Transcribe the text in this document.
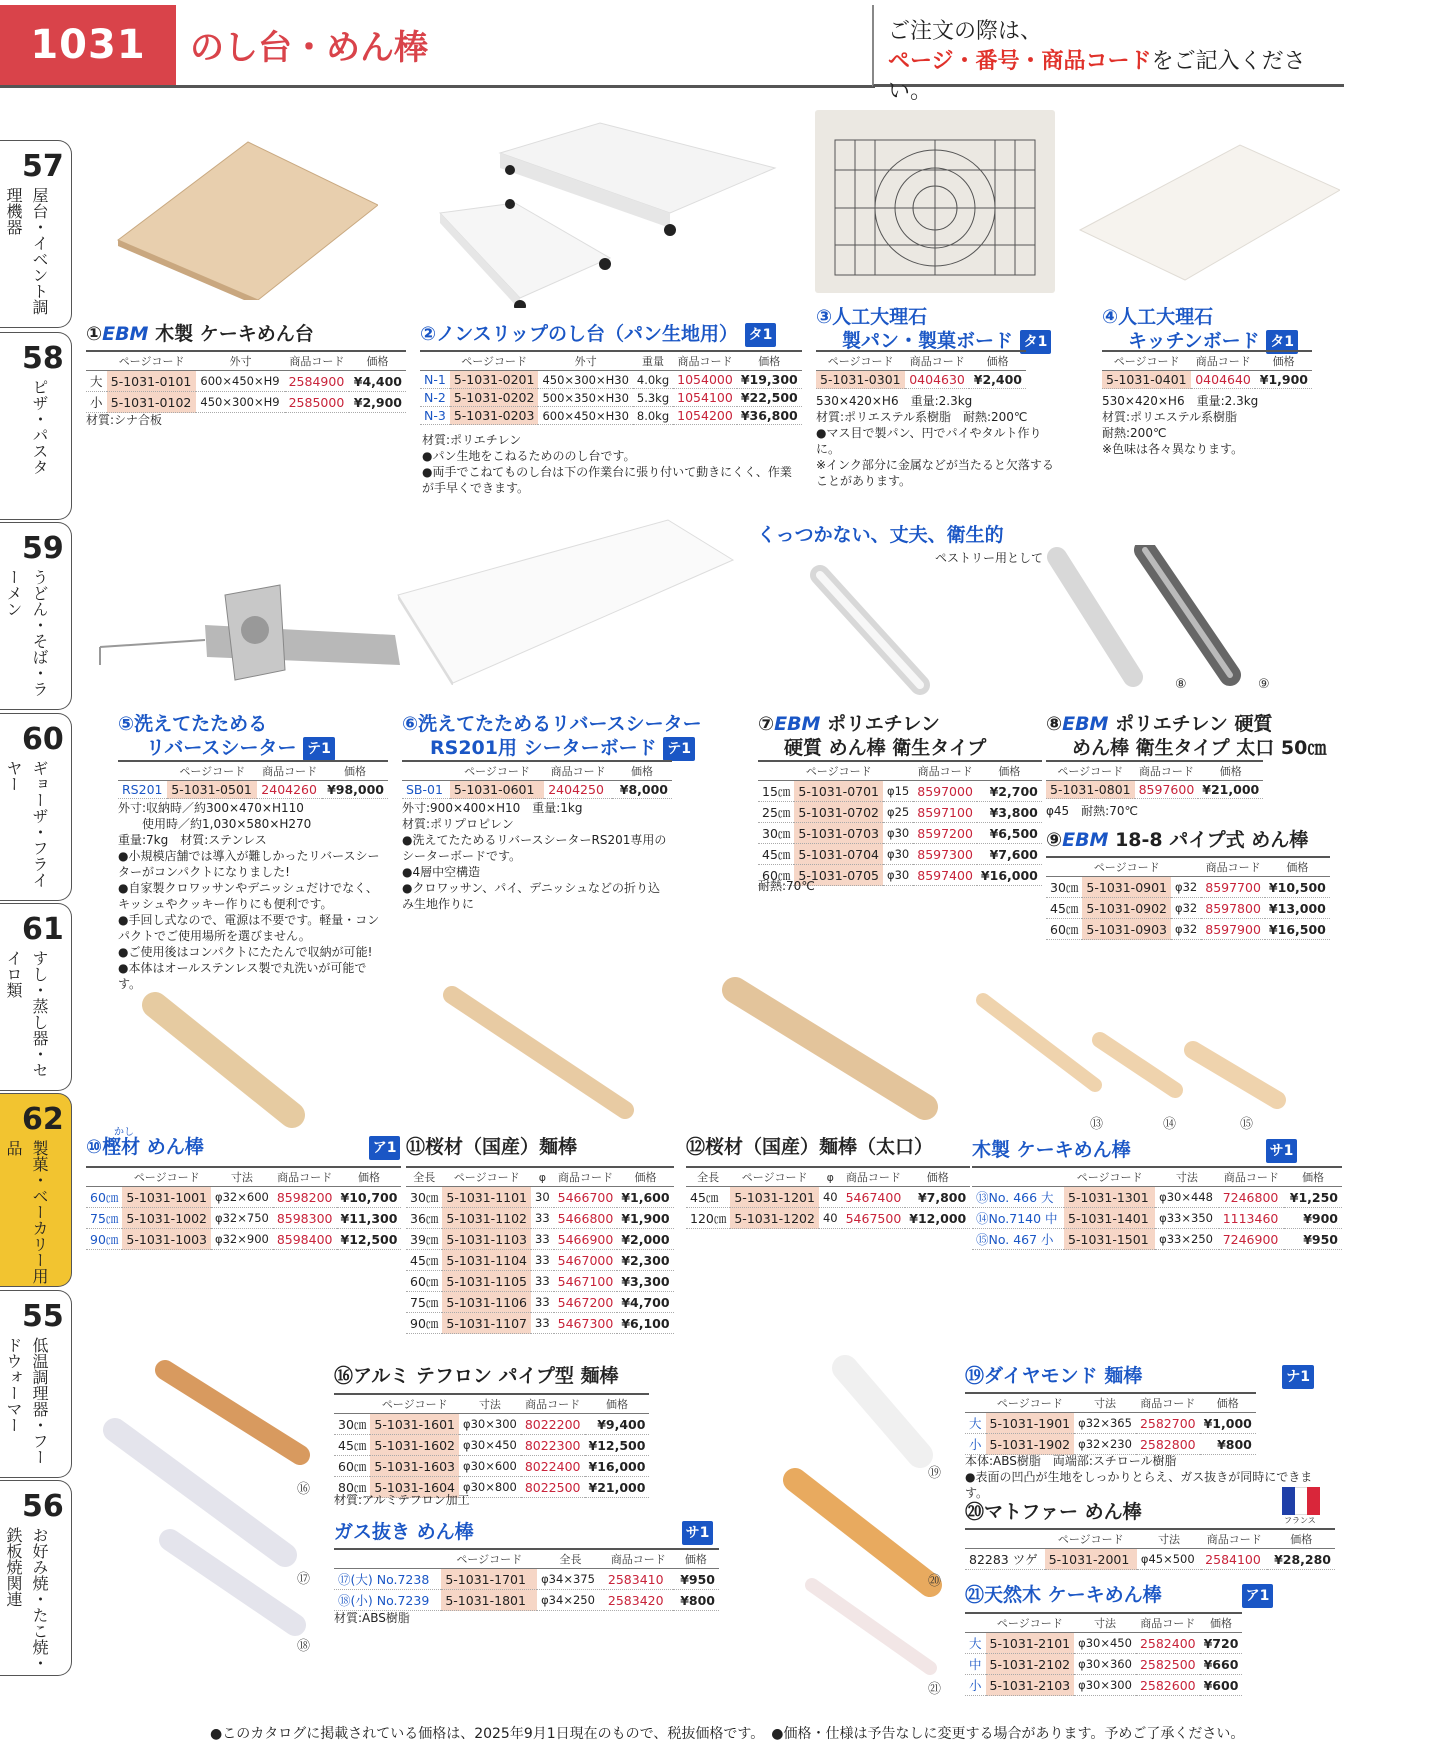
1031	のし台・めん棒	ご注文の際は、
ページ・番号・商品コードをご記入ください。
57
屋台・イベント調理機器
58
ピザ・パスタ
59
うどん・そば・ラーメン
60
ギョーザ・フライヤー
61
すし・蒸し器・セイロ類
62
製菓・ベーカリー用品
55
低温調理器・フードウォーマー
56
お好み焼・たこ焼・鉄板焼関連
①EBM 木製 ケーキめん台
	ページコード	外寸	商品コード	価格
大	5-1031-0101	600×450×H9	2584900	¥4,400
小	5-1031-0102	450×300×H9	2585000	¥2,900
材質:シナ合板
②ノンスリップのし台（パン生地用） タ1
	ページコード	外寸	重量	商品コード	価格
N-1	5-1031-0201	450×300×H30	4.0kg	1054000	¥19,300
N-2	5-1031-0202	500×350×H30	5.3kg	1054100	¥22,500
N-3	5-1031-0203	600×450×H30	8.0kg	1054200	¥36,800
材質:ポリエチレン
●パン生地をこねるためののし台です。
●両手でこねてものし台は下の作業台に張り付いて動きにくく、作業が手早くできます。
③人工大理石
製パン・製菓ボード タ1
ページコード	商品コード	価格
5-1031-0301	0404630	¥2,400
530×420×H6　重量:2.3kg
材質:ポリエステル系樹脂　耐熱:200℃
●マス目で製パン、円でパイやタルト作りに。
※インク部分に金属などが当たると欠落することがあります。
④人工大理石
キッチンボード タ1
ページコード	商品コード	価格
5-1031-0401	0404640	¥1,900
530×420×H6　重量:2.3kg
材質:ポリエステル系樹脂
耐熱:200℃
※色味は各々異なります。
⑤洗えてたためる
リバースシーター テ1
	ページコード	商品コード	価格
RS201	5-1031-0501	2404260	¥98,000
外寸:収納時／約300×470×H110
　　使用時／約1,030×580×H270
重量:7kg　材質:ステンレス
●小規模店舗では導入が難しかったリバースシーターがコンパクトになりました!
●自家製クロワッサンやデニッシュだけでなく、キッシュやクッキー作りにも便利です。
●手回し式なので、電源は不要です。軽量・コンパクトでご使用場所を選びません。
●ご使用後はコンパクトにたたんで収納が可能!
●本体はオールステンレス製で丸洗いが可能です。
⑥洗えてたためるリバースシーター
RS201用 シーターボード テ1
	ページコード	商品コード	価格
SB-01	5-1031-0601	2404250	¥8,000
外寸:900×400×H10　重量:1kg
材質:ポリプロピレン
●洗えてたためるリバースシーターRS201専用のシーターボードです。
●4層中空構造
●クロワッサン、パイ、デニッシュなどの折り込み生地作りに
くっつかない、丈夫、衛生的
ペストリー用として
⑧	⑨
⑦EBM ポリエチレン
硬質 めん棒 衛生タイプ
	ページコード		商品コード	価格
15㎝	5-1031-0701	φ15	8597000	¥2,700
25㎝	5-1031-0702	φ25	8597100	¥3,800
30㎝	5-1031-0703	φ30	8597200	¥6,500
45㎝	5-1031-0704	φ30	8597300	¥7,600
60㎝	5-1031-0705	φ30	8597400	¥16,000
耐熱:70℃
⑧EBM ポリエチレン 硬質
めん棒 衛生タイプ 太口 50㎝
ページコード	商品コード	価格
5-1031-0801	8597600	¥21,000
φ45　耐熱:70℃
⑨EBM 18-8 パイプ式 めん棒
	ページコード		商品コード	価格
30㎝	5-1031-0901	φ32	8597700	¥10,500
45㎝	5-1031-0902	φ32	8597800	¥13,000
60㎝	5-1031-0903	φ32	8597900	¥16,500
⑬	⑭	⑮
かし
⑩樫材 めん棒	ア1
	ページコード	寸法	商品コード	価格
60㎝	5-1031-1001	φ32×600	8598200	¥10,700
75㎝	5-1031-1002	φ32×750	8598300	¥11,300
90㎝	5-1031-1003	φ32×900	8598400	¥12,500
⑪桜材（国産）麺棒
全長	ページコード	φ	商品コード	価格
30㎝	5-1031-1101	30	5466700	¥1,600
36㎝	5-1031-1102	33	5466800	¥1,900
39㎝	5-1031-1103	33	5466900	¥2,000
45㎝	5-1031-1104	33	5467000	¥2,300
60㎝	5-1031-1105	33	5467100	¥3,300
75㎝	5-1031-1106	33	5467200	¥4,700
90㎝	5-1031-1107	33	5467300	¥6,100
⑫桜材（国産）麺棒（太口）
全長	ページコード	φ	商品コード	価格
45㎝	5-1031-1201	40	5467400	¥7,800
120㎝	5-1031-1202	40	5467500	¥12,000
木製 ケーキめん棒	サ1
	ページコード	寸法	商品コード	価格
⑬No. 466 大	5-1031-1301	φ30×448	7246800	¥1,250
⑭No.7140 中	5-1031-1401	φ33×350	1113460	¥900
⑮No. 467 小	5-1031-1501	φ33×250	7246900	¥950
⑯
⑰
⑱
⑯アルミ テフロン パイプ型 麺棒
	ページコード	寸法	商品コード	価格
30㎝	5-1031-1601	φ30×300	8022200	¥9,400
45㎝	5-1031-1602	φ30×450	8022300	¥12,500
60㎝	5-1031-1603	φ30×600	8022400	¥16,000
80㎝	5-1031-1604	φ30×800	8022500	¥21,000
材質:アルミテフロン加工
ガス抜き めん棒	サ1
	ページコード	全長	商品コード	価格
⑰(大) No.7238	5-1031-1701	φ34×375	2583410	¥950
⑱(小) No.7239	5-1031-1801	φ34×250	2583420	¥800
材質:ABS樹脂
⑲
⑳
㉑
⑲ダイヤモンド 麺棒	ナ1
	ページコード	寸法	商品コード	価格
大	5-1031-1901	φ32×365	2582700	¥1,000
小	5-1031-1902	φ32×230	2582800	¥800
本体:ABS樹脂　両端部:スチロール樹脂
●表面の凹凸が生地をしっかりとらえ、ガス抜きが同時にできます。
⑳マトファー めん棒	フランス
	ページコード	寸法	商品コード	価格
82283 ツゲ	5-1031-2001	φ45×500	2584100	¥28,280
㉑天然木 ケーキめん棒	ア1
	ページコード	寸法	商品コード	価格
大	5-1031-2101	φ30×450	2582400	¥720
中	5-1031-2102	φ30×360	2582500	¥660
小	5-1031-2103	φ30×300	2582600	¥600
●このカタログに掲載されている価格は、2025年9月1日現在のもので、税抜価格です。　●価格・仕様は予告なしに変更する場合があります。予めご了承ください。
